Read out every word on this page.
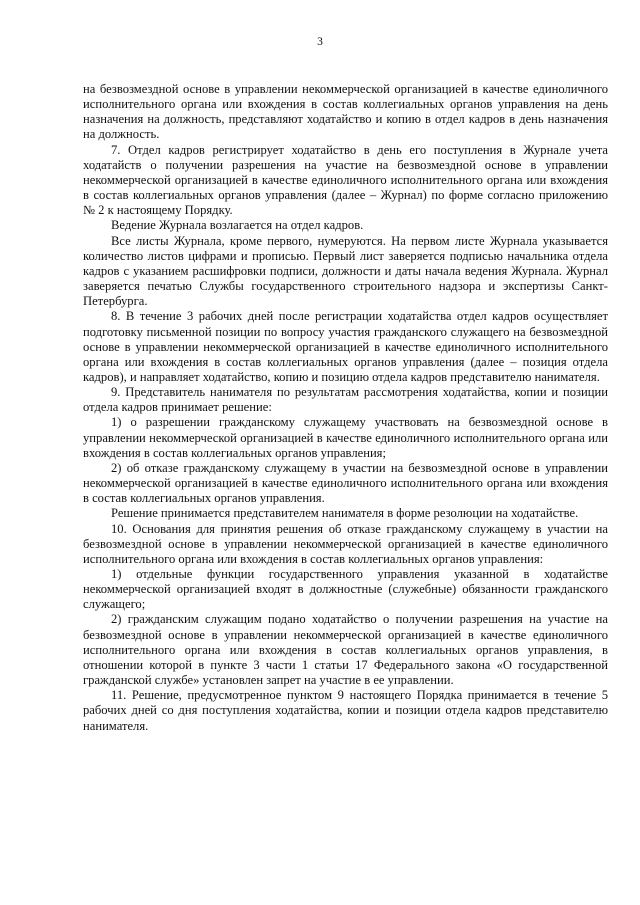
3

на безвозмездной основе в управлении некоммерческой организацией в качестве единоличного исполнительного органа или вхождения в состав коллегиальных органов управления на день назначения на должность, представляют ходатайство и копию в отдел кадров в день назначения на должность.

7. Отдел кадров регистрирует ходатайство в день его поступления в Журнале учета ходатайств о получении разрешения на участие на безвозмездной основе в управлении некоммерческой организацией в качестве единоличного исполнительного органа или вхождения в состав коллегиальных органов управления (далее – Журнал) по форме согласно приложению № 2 к настоящему Порядку.

Ведение Журнала возлагается на отдел кадров.

Все листы Журнала, кроме первого, нумеруются. На первом листе Журнала указывается количество листов цифрами и прописью. Первый лист заверяется подписью начальника отдела кадров с указанием расшифровки подписи, должности и даты начала ведения Журнала. Журнал заверяется печатью Службы государственного строительного надзора и экспертизы Санкт-Петербурга.

8. В течение 3 рабочих дней после регистрации ходатайства отдел кадров осуществляет подготовку письменной позиции по вопросу участия гражданского служащего на безвозмездной основе в управлении некоммерческой организацией в качестве единоличного исполнительного органа или вхождения в состав коллегиальных органов управления (далее – позиция отдела кадров), и направляет ходатайство, копию и позицию отдела кадров представителю нанимателя.

9. Представитель нанимателя по результатам рассмотрения ходатайства, копии и позиции отдела кадров принимает решение:

1) о разрешении гражданскому служащему участвовать на безвозмездной основе в управлении некоммерческой организацией в качестве единоличного исполнительного органа или вхождения в состав коллегиальных органов управления;

2) об отказе гражданскому служащему в участии на безвозмездной основе в управлении некоммерческой организацией в качестве единоличного исполнительного органа или вхождения в состав коллегиальных органов управления.

Решение принимается представителем нанимателя в форме резолюции на ходатайстве.

10. Основания для принятия решения об отказе гражданскому служащему в участии на безвозмездной основе в управлении некоммерческой организацией в качестве единоличного исполнительного органа или вхождения в состав коллегиальных органов управления:

1) отдельные функции государственного управления указанной в ходатайстве некоммерческой организацией входят в должностные (служебные) обязанности гражданского служащего;

2) гражданским служащим подано ходатайство о получении разрешения на участие на безвозмездной основе в управлении некоммерческой организацией в качестве единоличного исполнительного органа или вхождения в состав коллегиальных органов управления, в отношении которой в пункте 3 части 1 статьи 17 Федерального закона «О государственной гражданской службе» установлен запрет на участие в ее управлении.

11. Решение, предусмотренное пунктом 9 настоящего Порядка принимается в течение 5 рабочих дней со дня поступления ходатайства, копии и позиции отдела кадров представителю нанимателя.
